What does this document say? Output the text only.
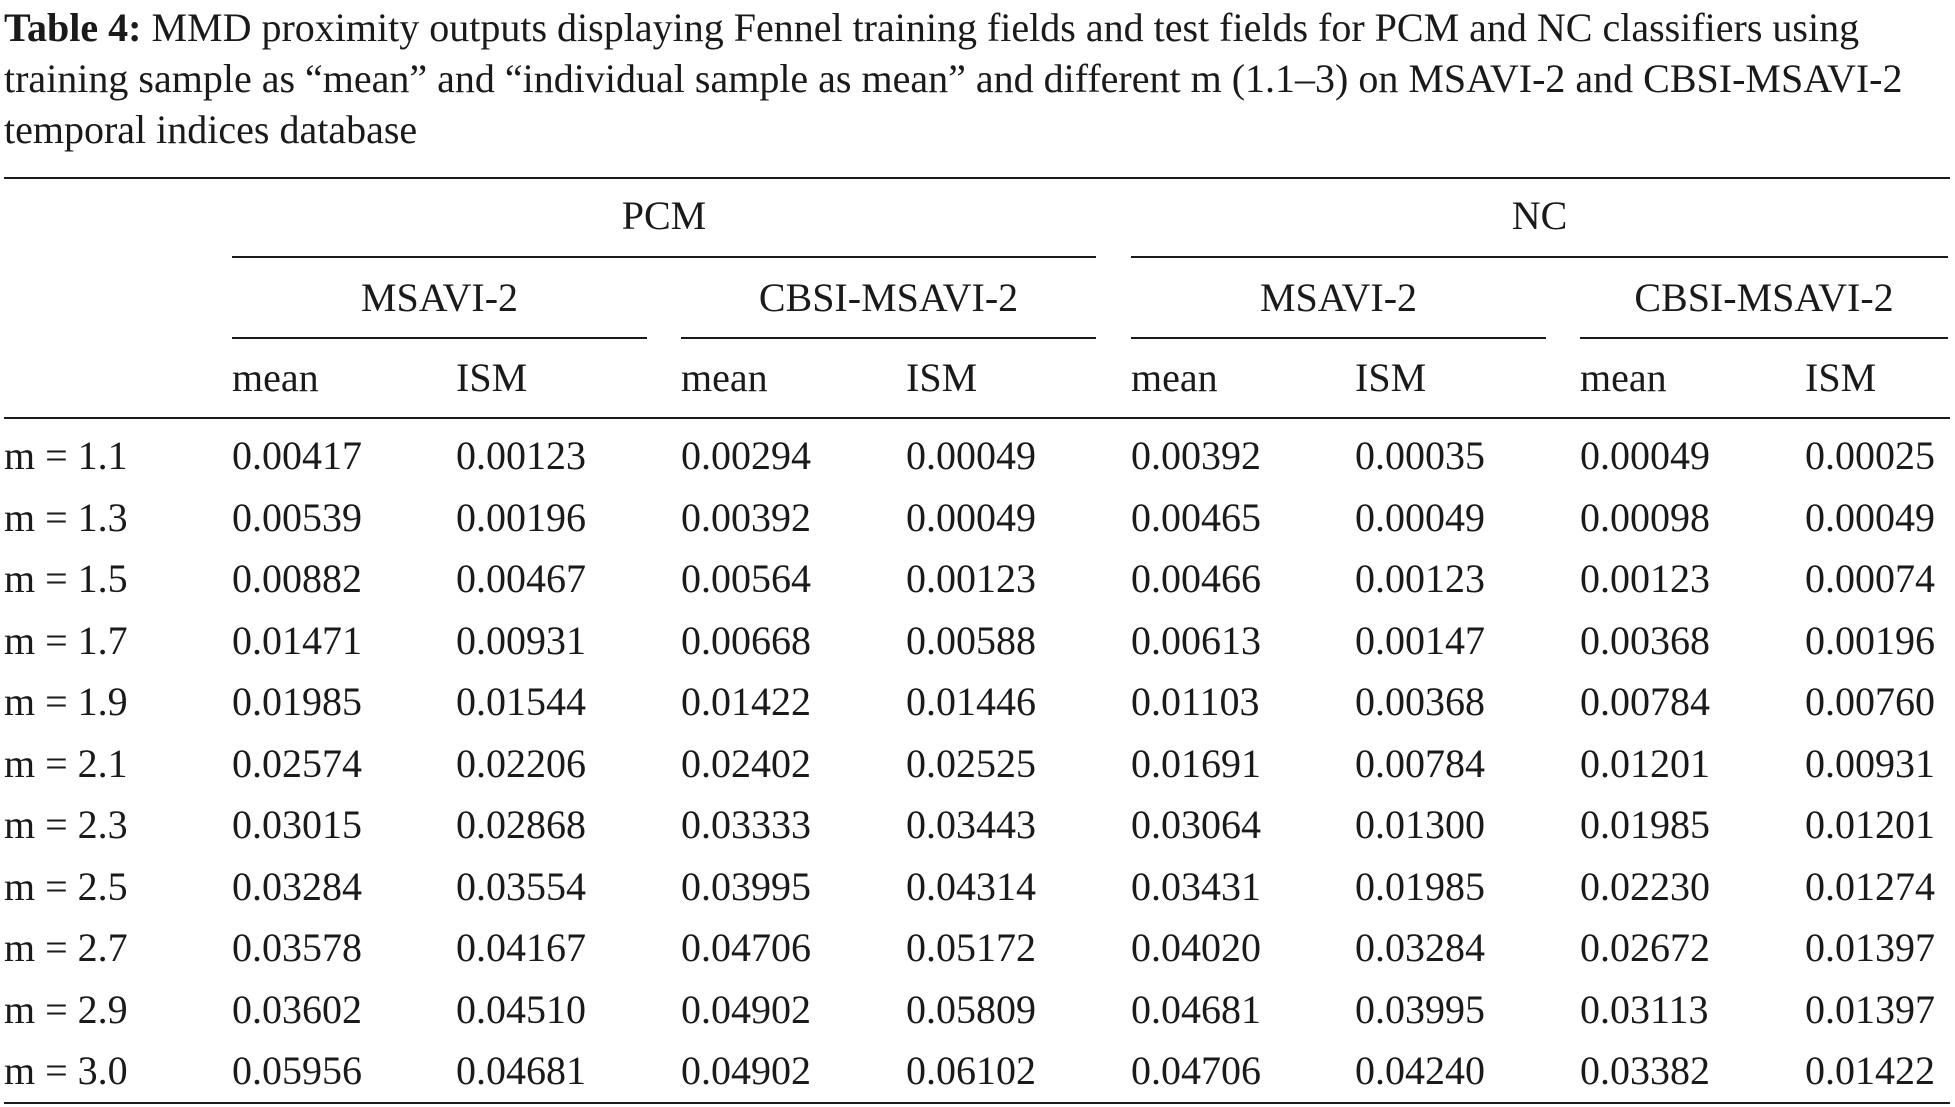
Table 4: MMD proximity outputs displaying Fennel training fields and test fields for PCM and NC classifiers using training sample as “mean” and “individual sample as mean” and different m (1.1–3) on MSAVI-2 and CBSI-MSAVI-2 temporal indices database
PCM	NC
MSAVI-2	CBSI-MSAVI-2	MSAVI-2	CBSI-MSAVI-2
mean	ISM	mean	ISM	mean	ISM	mean	ISM
m = 1.1	0.00417 0.00123 0.00294 0.00049 0.00392 0.00035 0.00049 0.00025
m = 1.3	0.00539 0.00196 0.00392 0.00049 0.00465 0.00049 0.00098 0.00049
m = 1.5	0.00882 0.00467 0.00564 0.00123 0.00466 0.00123 0.00123 0.00074
m = 1.7	0.01471 0.00931 0.00668 0.00588 0.00613 0.00147 0.00368 0.00196
m = 1.9	0.01985 0.01544 0.01422 0.01446 0.01103 0.00368 0.00784 0.00760
m = 2.1	0.02574 0.02206 0.02402 0.02525 0.01691 0.00784 0.01201 0.00931
m = 2.3	0.03015 0.02868 0.03333 0.03443 0.03064 0.01300 0.01985 0.01201
m = 2.5	0.03284 0.03554 0.03995 0.04314 0.03431 0.01985 0.02230 0.01274
m = 2.7	0.03578 0.04167 0.04706 0.05172 0.04020 0.03284 0.02672 0.01397
m = 2.9	0.03602 0.04510 0.04902 0.05809 0.04681 0.03995 0.03113 0.01397
m = 3.0	0.05956 0.04681 0.04902 0.06102 0.04706 0.04240 0.03382 0.01422
